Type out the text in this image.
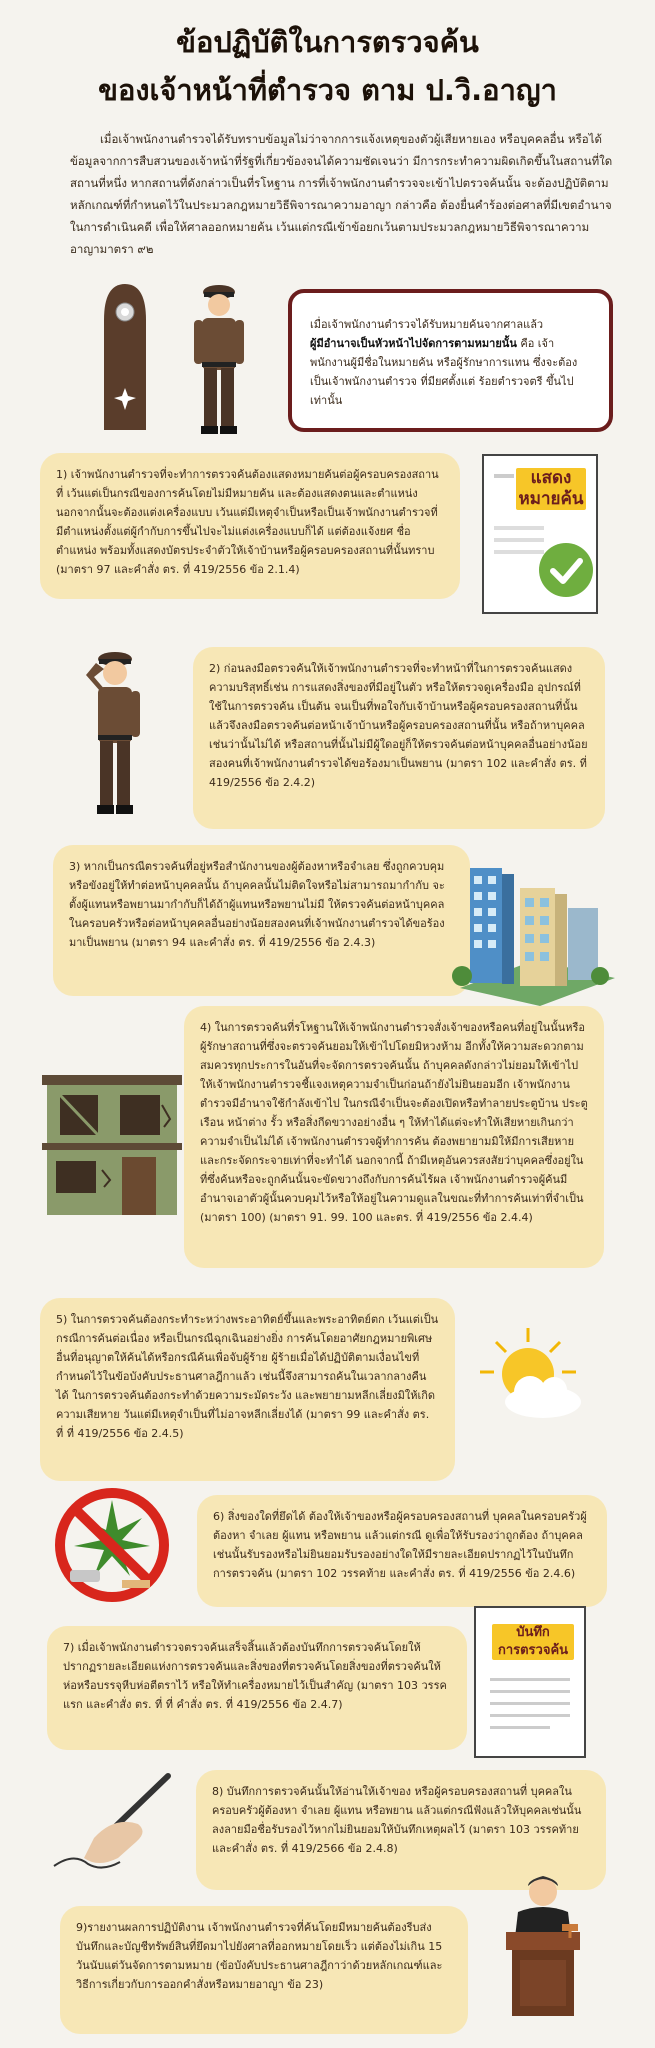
ข้อปฏิบัติในการตรวจค้น
ของเจ้าหน้าที่ตำรวจ ตาม ป.วิ.อาญา
เมื่อเจ้าพนักงานตำรวจได้รับทราบข้อมูลไม่ว่าจากการแจ้งเหตุของตัวผู้เสียหายเอง หรือบุคคลอื่น หรือได้ข้อมูลจากการสืบสวนของเจ้าหน้าที่รัฐที่เกี่ยวข้องจนได้ความชัดเจนว่า มีการกระทำความผิดเกิดขึ้นในสถานที่ใดสถานที่หนึ่ง หากสถานที่ดังกล่าวเป็นที่รโหฐาน การที่เจ้าพนักงานตำรวจจะเข้าไปตรวจค้นนั้น จะต้องปฏิบัติตามหลักเกณฑ์ที่กำหนดไว้ในประมวลกฎหมายวิธีพิจารณาความอาญา กล่าวคือ ต้องยื่นคำร้องต่อศาลที่มีเขตอำนาจในการดำเนินคดี เพื่อให้ศาลออกหมายค้น เว้นแต่กรณีเข้าข้อยกเว้นตามประมวลกฎหมายวิธีพิจารณาความอาญามาตรา ๙๒
เมื่อเจ้าพนักงานตำรวจได้รับหมายค้นจากศาลแล้ว
ผู้มีอำนาจเป็นหัวหน้าไปจัดการตามหมายนั้น คือ เจ้าพนักงานผู้มีชื่อในหมายค้น หรือผู้รักษาการแทน ซึ่งจะต้องเป็นเจ้าพนักงานตำรวจ ที่มียศตั้งแต่ ร้อยตำรวจตรี ขึ้นไปเท่านั้น
1) เจ้าพนักงานตำรวจที่จะทำการตรวจค้นต้องแสดงหมายค้นต่อผู้ครอบครองสถานที่ เว้นแต่เป็นกรณีของการค้นโดยไม่มีหมายค้น และต้องแสดงตนและตำแหน่ง นอกจากนั้นจะต้องแต่งเครื่องแบบ เว้นแต่มีเหตุจำเป็นหรือเป็นเจ้าพนักงานตำรวจที่มีตำแหน่งตั้งแต่ผู้กำกับการขึ้นไปจะไม่แต่งเครื่องแบบก็ได้ แต่ต้องแจ้งยศ ชื่อ ตำแหน่ง พร้อมทั้งแสดงบัตรประจำตัวให้เจ้าบ้านหรือผู้ครอบครองสถานที่นั้นทราบ (มาตรา 97 และคำสั่ง ตร. ที่ 419/2556 ข้อ 2.1.4)
แสดง
หมายค้น
2) ก่อนลงมือตรวจค้นให้เจ้าพนักงานตำรวจที่จะทำหน้าที่ในการตรวจค้นแสดงความบริสุทธิ์เช่น การแสดงสิ่งของที่มีอยู่ในตัว หรือให้ตรวจดูเครื่องมือ อุปกรณ์ที่ใช้ในการตรวจค้น เป็นต้น จนเป็นที่พอใจกับเจ้าบ้านหรือผู้ครอบครองสถานที่นั้นแล้วจึงลงมือตรวจค้นต่อหน้าเจ้าบ้านหรือผู้ครอบครองสถานที่นั้น หรือถ้าหาบุคคลเช่นว่านั้นไม่ได้ หรือสถานที่นั้นไม่มีผู้ใดอยู่ก็ให้ตรวจค้นต่อหน้าบุคคลอื่นอย่างน้อยสองคนที่เจ้าพนักงานตำรวจได้ขอร้องมาเป็นพยาน (มาตรา 102 และคำสั่ง ตร. ที่ 419/2556 ข้อ 2.4.2)
3) หากเป็นกรณีตรวจค้นที่อยู่หรือสำนักงานของผู้ต้องหาหรือจำเลย ซึ่งถูกควบคุมหรือขังอยู่ให้ทำต่อหน้าบุคคลนั้น ถ้าบุคคลนั้นไม่ติดใจหรือไม่สามารถมากำกับ จะตั้งผู้แทนหรือพยานมากำกับก็ได้ถ้าผู้แทนหรือพยานไม่มี ให้ตรวจค้นต่อหน้าบุคคลในครอบครัวหรือต่อหน้าบุคคลอื่นอย่างน้อยสองคนที่เจ้าพนักงานตำรวจได้ขอร้องมาเป็นพยาน (มาตรา 94 และคำสั่ง ตร. ที่ 419/2556 ข้อ 2.4.3)
4) ในการตรวจค้นที่รโหฐานให้เจ้าพนักงานตำรวจสั่งเจ้าของหรือคนที่อยู่ในนั้นหรือผู้รักษาสถานที่ซึ่งจะตรวจค้นยอมให้เข้าไปโดยมิหวงห้าม อีกทั้งให้ความสะดวกตามสมควรทุกประการในอันที่จะจัดการตรวจค้นนั้น ถ้าบุคคลดังกล่าวไม่ยอมให้เข้าไป ให้เจ้าพนักงานตำรวจชี้แจงเหตุความจำเป็นก่อนถ้ายังไม่ยินยอมอีก เจ้าพนักงานตำรวจมีอำนาจใช้กำลังเข้าไป ในกรณีจำเป็นจะต้องเปิดหรือทำลายประตูบ้าน ประตูเรือน หน้าต่าง รั้ว หรือสิ่งกีดขวางอย่างอื่น ๆ ให้ทำได้แต่จะทำให้เสียหายเกินกว่าความจำเป็นไม่ได้ เจ้าพนักงานตำรวจผู้ทำการค้น ต้องพยายามมิให้มีการเสียหายและกระจัดกระจายเท่าที่จะทำได้ นอกจากนี้ ถ้ามีเหตุอันควรสงสัยว่าบุคคลซึ่งอยู่ในที่ซึ่งค้นหรือจะถูกค้นนั้นจะขัดขวางถึงกับการค้นไร้ผล เจ้าพนักงานตำรวจผู้ค้นมีอำนาจเอาตัวผู้นั้นควบคุมไว้หรือให้อยู่ในความดูแลในขณะที่ทำการค้นเท่าที่จำเป็น (มาตรา 100) (มาตรา 91. 99. 100 และตร. ที่ 419/2556 ข้อ 2.4.4)
5) ในการตรวจค้นต้องกระทำระหว่างพระอาทิตย์ขึ้นและพระอาทิตย์ตก เว้นแต่เป็นกรณีการค้นต่อเนื่อง หรือเป็นกรณีฉุกเฉินอย่างยิ่ง การค้นโดยอาศัยกฎหมายพิเศษอื่นที่อนุญาตให้ค้นได้หรือกรณีค้นเพื่อจับผู้ร้าย ผู้ร้ายเมื่อได้ปฏิบัติตามเงื่อนไขที่กำหนดไว้ในข้อบังคับประธานศาลฎีกาแล้ว เช่นนี้จึงสามารถค้นในเวลากลางคืนได้ ในการตรวจค้นต้องกระทำด้วยความระมัดระวัง และพยายามหลีกเลี่ยงมิให้เกิดความเสียหาย วันแต่มีเหตุจำเป็นที่ไม่อาจหลีกเลี่ยงได้ (มาตรา 99 และคำสั่ง ตร. ที่ ที่ 419/2556 ข้อ 2.4.5)
6) สิ่งของใดที่ยึดได้ ต้องให้เจ้าของหรือผู้ครอบครองสถานที่ บุคคลในครอบครัวผู้ต้องหา จำเลย ผู้แทน หรือพยาน แล้วแต่กรณี ดูเพื่อให้รับรองว่าถูกต้อง ถ้าบุคคลเช่นนั้นรับรองหรือไม่ยินยอมรับรองอย่างใดให้มีรายละเอียดปรากฏไว้ในบันทึกการตรวจค้น (มาตรา 102 วรรคท้าย และคำสั่ง ตร. ที่ 419/2556 ข้อ 2.4.6)
7) เมื่อเจ้าพนักงานตำรวจตรวจค้นเสร็จสิ้นแล้วต้องบันทึกการตรวจค้นโดยให้ปรากฏรายละเอียดแห่งการตรวจค้นและสิ่งของที่ตรวจค้นโดยสิ่งของที่ตรวจค้นให้ห่อหรือบรรจุหีบห่อตีตราไว้ หรือให้ทำเครื่องหมายไว้เป็นสำคัญ (มาตรา 103 วรรคแรก และคำสั่ง ตร. ที่ ที่ คำสั่ง ตร. ที่ 419/2556 ข้อ 2.4.7)
บันทึก
การตรวจค้น
8) บันทึกการตรวจค้นนั้นให้อ่านให้เจ้าของ หรือผู้ครอบครองสถานที่ บุคคลในครอบครัวผู้ต้องหา จำเลย ผู้แทน หรือพยาน แล้วแต่กรณีฟังแล้วให้บุคคลเช่นนั้น ลงลายมือชื่อรับรองไว้หากไม่ยินยอมให้บันทึกเหตุผลไว้ (มาตรา 103 วรรคท้าย และคำสั่ง ตร. ที่ 419/2566 ข้อ 2.4.8)
9)รายงานผลการปฏิบัติงาน เจ้าพนักงานตำรวจที่ค้นโดยมีหมายค้นต้องรีบส่งบันทึกและบัญชีทรัพย์สินที่ยึดมาไปยังศาลที่ออกหมายโดยเร็ว แต่ต้องไม่เกิน 15 วันนับแต่วันจัดการตามหมาย (ข้อบังคับประธานศาลฎีกาว่าด้วยหลักเกณฑ์และวิธีการเกี่ยวกับการออกคำสั่งหรือหมายอาญา ข้อ 23)
